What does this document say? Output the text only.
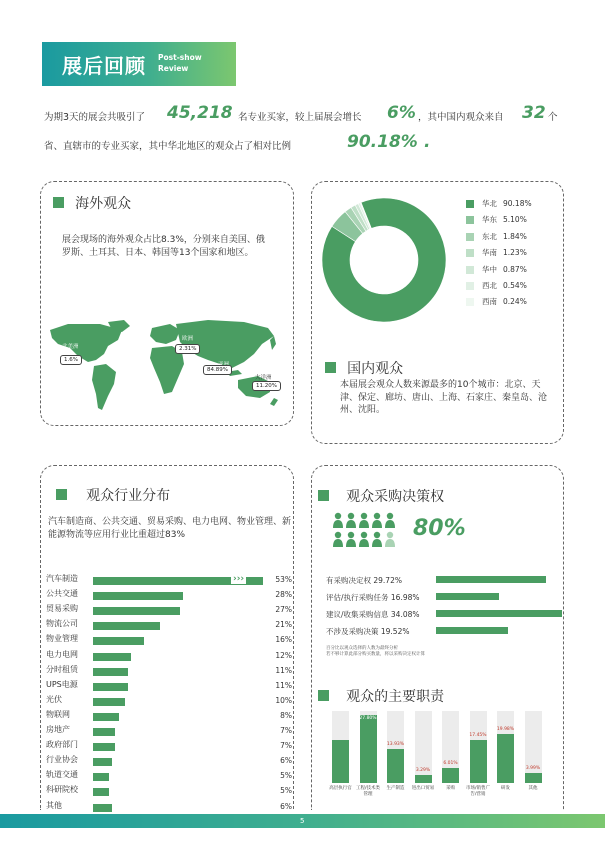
展后回顾 Post-show
Review
为期3天的展会共吸引了 45,218 名专业买家，较上届展会增长 6% ，其中国内观众来自 32 个
省、直辖市的专业买家，其中华北地区的观众占了相对比例	90.18% .
海外观众
展会现场的海外观众占比8.3%，分别来自美国、俄罗斯、土耳其、日本、韩国等13个国家和地区。
北美洲
欧洲
大洋洲
1.6%
2.31%
84.89%
11.20%
华北 90.18%
华东 5.10%
东北 1.84%
华南 1.23%
华中 0.87%
西北 0.54%
西南 0.24%
国内观众
本届展会观众人数来源最多的10个城市：北京、天津、保定、廊坊、唐山、上海、石家庄、秦皇岛、沧州、沈阳。
观众行业分布
汽车制造商、公共交通、贸易采购、电力电网、物业管理、新能源物流等应用行业比重超过83%
汽车制造	›››	53%
公共交通	28%
贸易采购	27%
物流公司	21%
物业管理	16%
电力电网	12%
分时租赁	11%
UPS电源	11%
光伏	10%
物联网	8%
房地产	7%
政府部门	7%
行业协会	6%
轨道交通	5%
科研院校	5%
其他	6%
观众采购决策权
80%
有采购决定权 29.72%
评估/执行采购任务 16.98%
建议/收集采购信息 34.08%
不涉及采购决策 19.52%
百分比以观众选择的人数为最终分析
若不够计算此部分购买数量，将以采购决定权计算
观众的主要职责
高层执行官
27.80%
工程/技术类管理
13.93%
生产制造
3.29%
进出口贸易
6.01%
采购
17.45%
市场/销售广告/营销
19.98%
研发
3.99%
其他
5
